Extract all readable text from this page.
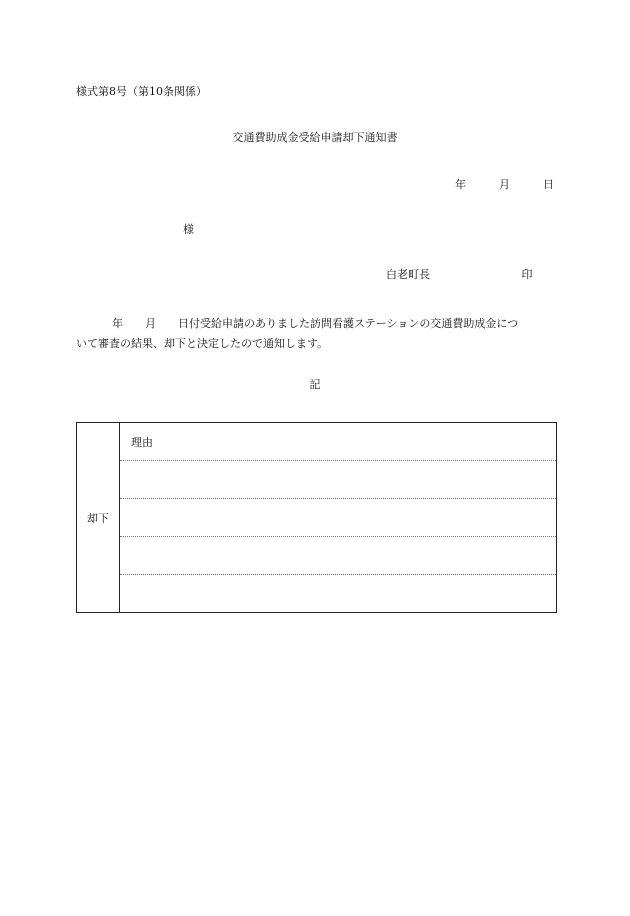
様式第8号（第10条関係）
交通費助成金受給申請却下通知書
年	月	日
様
白老町長	印
年　　月　　日付受給申請のありました訪問看護ステーションの交通費助成金につ
いて審査の結果、却下と決定したので通知します。
記
却下	理由
